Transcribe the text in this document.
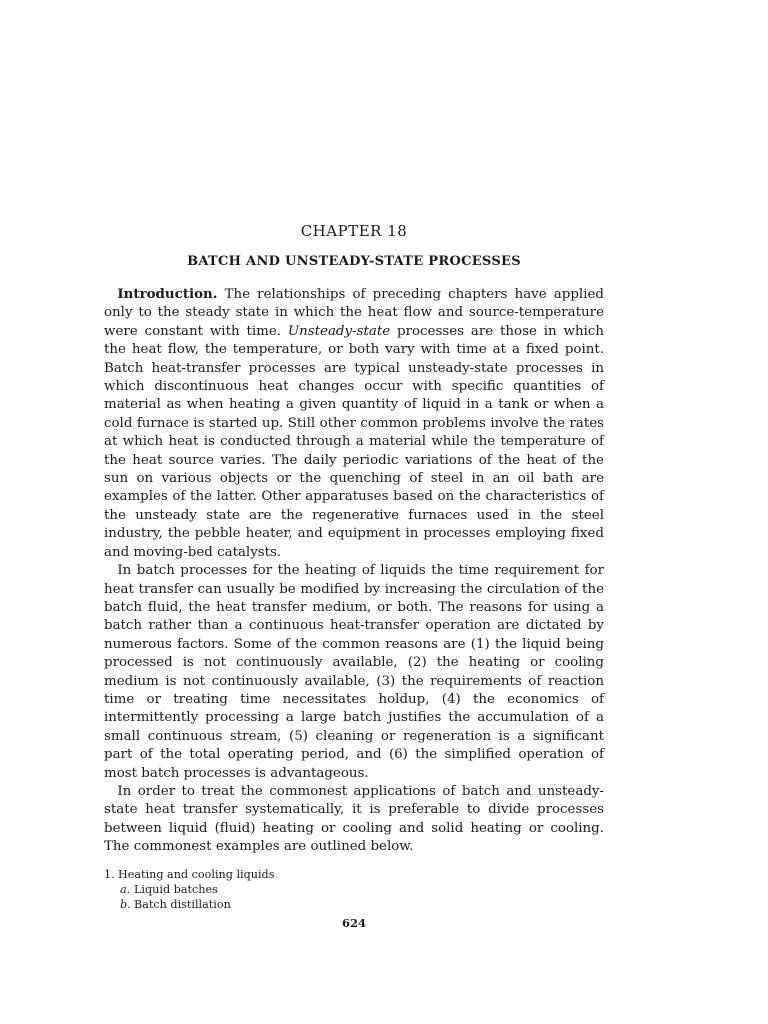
CHAPTER 18
BATCH AND UNSTEADY-STATE PROCESSES

 Introduction. The relationships of preceding chapters have applied only to the steady state in which the heat flow and source-temperature were constant with time. Unsteady-state processes are those in which the heat flow, the temperature, or both vary with time at a fixed point. Batch heat-transfer processes are typical unsteady-state processes in which discontinuous heat changes occur with specific quantities of material as when heating a given quantity of liquid in a tank or when a cold furnace is started up. Still other common problems involve the rates at which heat is conducted through a material while the temperature of the heat source varies. The daily periodic variations of the heat of the sun on various objects or the quenching of steel in an oil bath are examples of the latter. Other apparatuses based on the characteristics of the unsteady state are the regenerative furnaces used in the steel industry, the pebble heater, and equipment in processes employing fixed and moving-bed catalysts.

 In batch processes for the heating of liquids the time requirement for heat transfer can usually be modified by increasing the circulation of the batch fluid, the heat transfer medium, or both. The reasons for using a batch rather than a continuous heat-transfer operation are dictated by numerous factors. Some of the common reasons are (1) the liquid being processed is not continuously available, (2) the heating or cooling medium is not continuously available, (3) the requirements of reaction time or treating time necessitates holdup, (4) the economics of intermittently processing a large batch justifies the accumulation of a small continuous stream, (5) cleaning or regeneration is a significant part of the total operating period, and (6) the simplified operation of most batch processes is advantageous.

 In order to treat the commonest applications of batch and unsteady-state heat transfer systematically, it is preferable to divide processes between liquid (fluid) heating or cooling and solid heating or cooling. The commonest examples are outlined below.

1. Heating and cooling liquids
a. Liquid batches
b. Batch distillation
624
